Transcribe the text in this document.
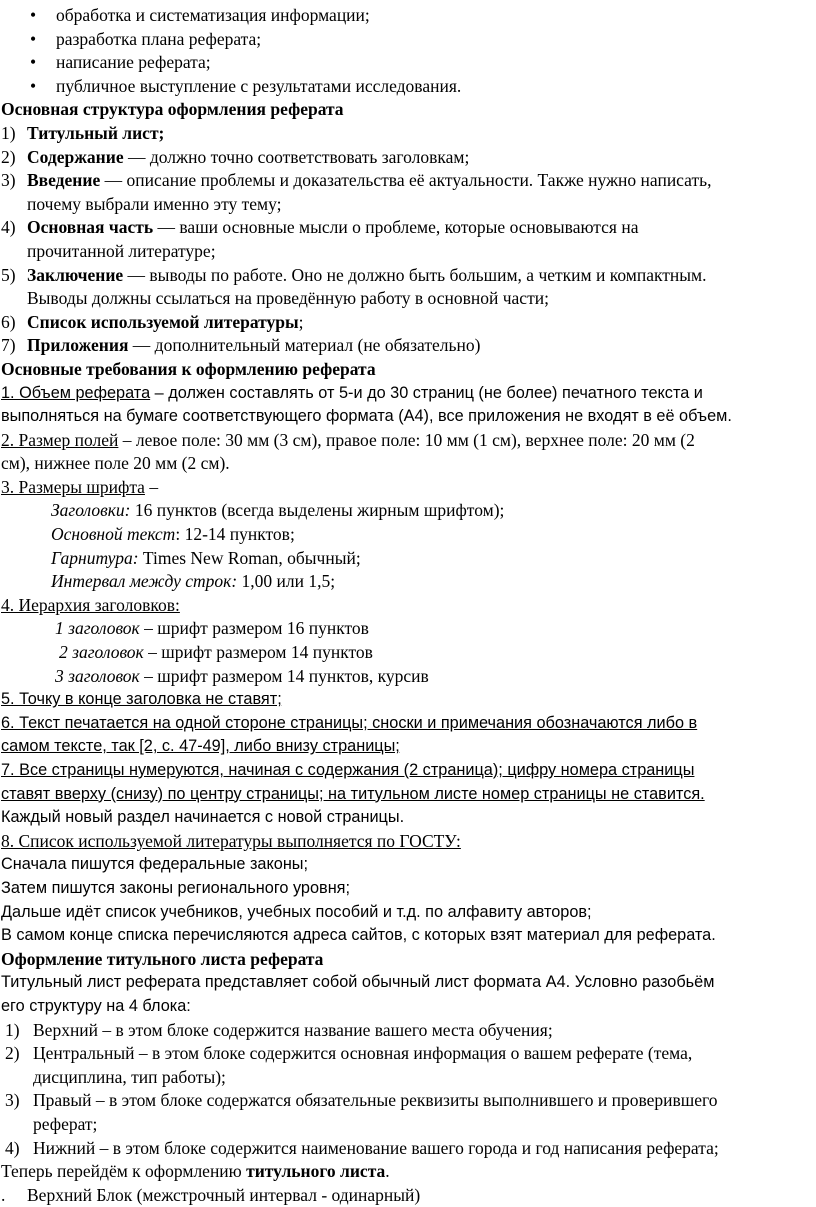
• обработка и систематизация информации;
• разработка плана реферата;
• написание реферата;
• публичное выступление с результатами исследования.
Основная структура оформления реферата
1) Титульный лист;
2) Содержание — должно точно соответствовать заголовкам;
3) Введение — описание проблемы и доказательства её актуальности. Также нужно написать,
почему выбрали именно эту тему;
4) Основная часть — ваши основные мысли о проблеме, которые основываются на
прочитанной литературе;
5) Заключение — выводы по работе. Оно не должно быть большим, а четким и компактным.
Выводы должны ссылаться на проведённую работу в основной части;
6) Список используемой литературы;
7) Приложения — дополнительный материал (не обязательно)
Основные требования к оформлению реферата
1. Объем реферата – должен составлять от 5-и до 30 страниц (не более) печатного текста и
выполняться на бумаге соответствующего формата (А4), все приложения не входят в её объем.
2. Размер полей – левое поле: 30 мм (3 см), правое поле: 10 мм (1 см), верхнее поле: 20 мм (2
см), нижнее поле 20 мм (2 см).
3. Размеры шрифта –
Заголовки: 16 пунктов (всегда выделены жирным шрифтом);
Основной текст: 12-14 пунктов;
Гарнитура: Times New Roman, обычный;
Интервал между строк: 1,00 или 1,5;
4. Иерархия заголовков:
1 заголовок – шрифт размером 16 пунктов
2 заголовок – шрифт размером 14 пунктов
3 заголовок – шрифт размером 14 пунктов, курсив
5. Точку в конце заголовка не ставят;
6. Текст печатается на одной стороне страницы; сноски и примечания обозначаются либо в
самом тексте, так [2, с. 47-49], либо внизу страницы;
7. Все страницы нумеруются, начиная с содержания (2 страница); цифру номера страницы
ставят вверху (снизу) по центру страницы; на титульном листе номер страницы не ставится.
Каждый новый раздел начинается с новой страницы.
8. Список используемой литературы выполняется по ГОСТУ:
Сначала пишутся федеральные законы;
Затем пишутся законы регионального уровня;
Дальше идёт список учебников, учебных пособий и т.д. по алфавиту авторов;
В самом конце списка перечисляются адреса сайтов, с которых взят материал для реферата.
Оформление титульного листа реферата
Титульный лист реферата представляет собой обычный лист формата А4. Условно разобьём
его структуру на 4 блока:
1) Верхний – в этом блоке содержится название вашего места обучения;
2) Центральный – в этом блоке содержится основная информация о вашем реферате (тема,
дисциплина, тип работы);
3) Правый – в этом блоке содержатся обязательные реквизиты выполнившего и проверившего
реферат;
4) Нижний – в этом блоке содержится наименование вашего города и год написания реферата;
Теперь перейдём к оформлению титульного листа.
. Верхний Блок (межстрочный интервал - одинарный)
